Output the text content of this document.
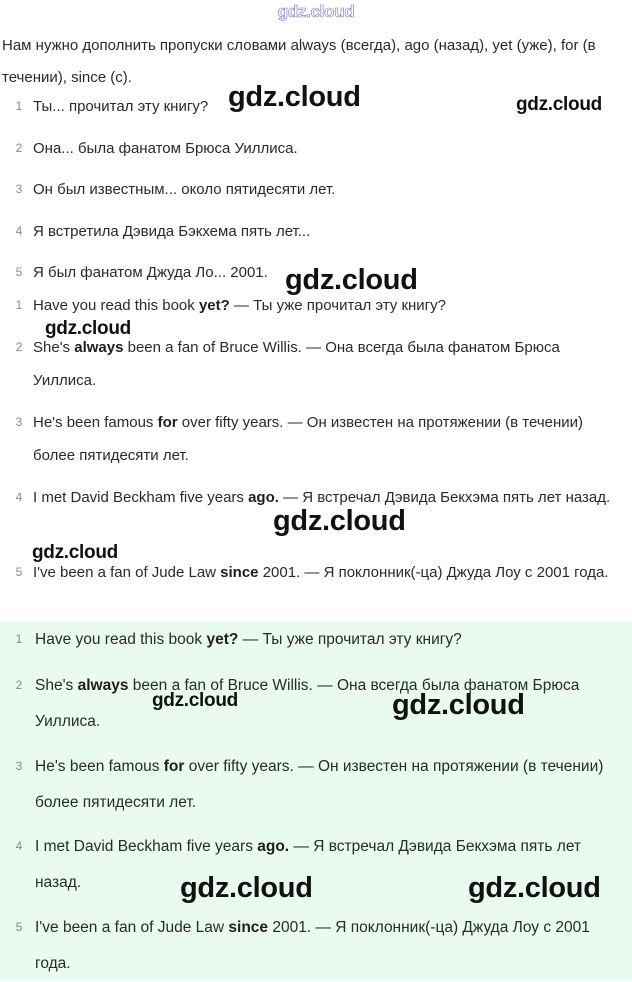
gdz.cloud

Нам нужно дополнить пропуски словами always (всегда), ago (назад), yet (уже), for (в течении), since (с).

1 Ты... прочитал эту книгу?

2 Она... была фанатом Брюса Уиллиса.

3 Он был известным... около пятидесяти лет.

4 Я встретила Дэвида Бэкхема пять лет...

5 Я был фанатом Джуда Ло... 2001.

1 Have you read this book yet? — Ты уже прочитал эту книгу?

2 She's always been a fan of Bruce Willis. — Она всегда была фанатом Брюса Уиллиса.

3 He's been famous for over fifty years. — Он известен на протяжении (в течении) более пятидесяти лет.

4 I met David Beckham five years ago. — Я встречал Дэвида Бекхэма пять лет назад.

5 I've been a fan of Jude Law since 2001. — Я поклонник(-ца) Джуда Лоу с 2001 года.

1 Have you read this book yet? — Ты уже прочитал эту книгу?

2 She's always been a fan of Bruce Willis. — Она всегда была фанатом Брюса Уиллиса.

3 He's been famous for over fifty years. — Он известен на протяжении (в течении) более пятидесяти лет.

4 I met David Beckham five years ago. — Я встречал Дэвида Бекхэма пять лет назад.

5 I've been a fan of Jude Law since 2001. — Я поклонник(-ца) Джуда Лоу с 2001 года.

gdz.cloud	gdz.cloud
gdz.cloud
gdz.cloud
gdz.cloud
gdz.cloud
gdz.cloud	gdz.cloud
gdz.cloud	gdz.cloud
